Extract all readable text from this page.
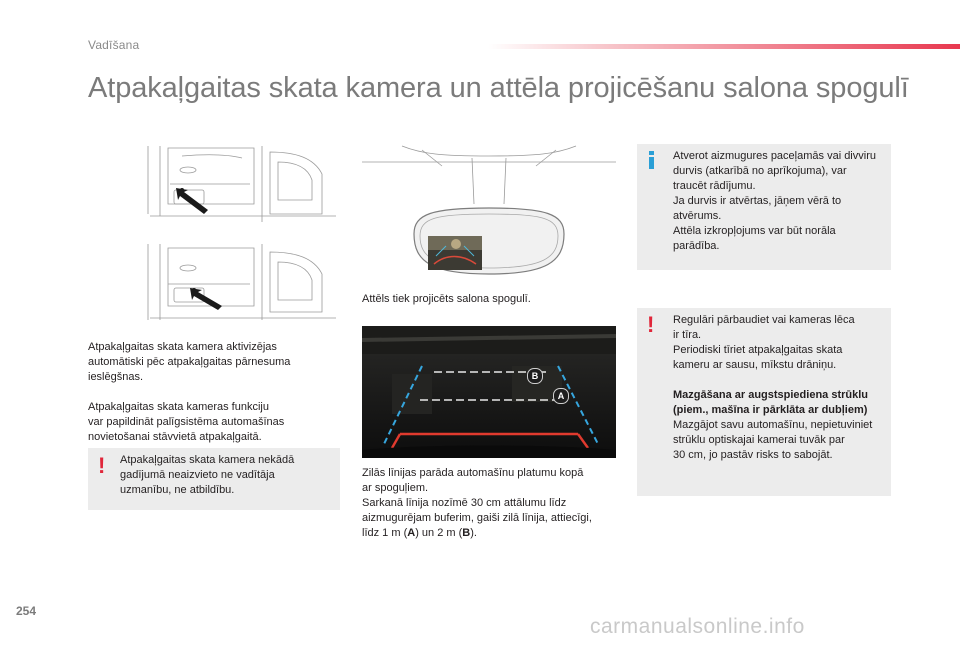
Vadīšana
Atpakaļgaitas skata kamera un attēla projicēšanu salona spogulī
Atpakaļgaitas skata kamera aktivizējas
automātiski pēc atpakaļgaitas pārnesuma
ieslēgšnas.
Atpakaļgaitas skata kameras funkciju
var papildināt palīgsistēma automašīnas
novietošanai stāvvietā atpakaļgaitā.
! Atpakaļgaitas skata kamera nekādā
gadījumā neaizvieto ne vadītāja
uzmanību, ne atbildību.
Attēls tiek projicēts salona spogulī.
B
A
Zilās līnijas parāda automašīnu platumu kopā
ar spoguļiem.
Sarkanā līnija nozīmē 30 cm attālumu līdz
aizmugurējam buferim, gaiši zilā līnija, attiecīgi,
līdz 1 m (A) un 2 m (B).
Atverot aizmugures paceļamās vai divviru
durvis (atkarībā no aprīkojuma), var
traucēt rādījumu.
Ja durvis ir atvērtas, jāņem vērā to
atvērums.
Attēla izkropļojums var būt norāla
parādība.
! Regulāri pārbaudiet vai kameras lēca
ir tīra.
Periodiski tīriet atpakaļgaitas skata
kameru ar sausu, mīkstu drāniņu.
Mazgāšana ar augstspiediena strūklu
(piem., mašīna ir pārklāta ar dubļiem)
Mazgājot savu automašīnu, nepietuviniet
strūklu optiskajai kamerai tuvāk par
30 cm, jo pastāv risks to sabojāt.
254
carmanualsonline.info
